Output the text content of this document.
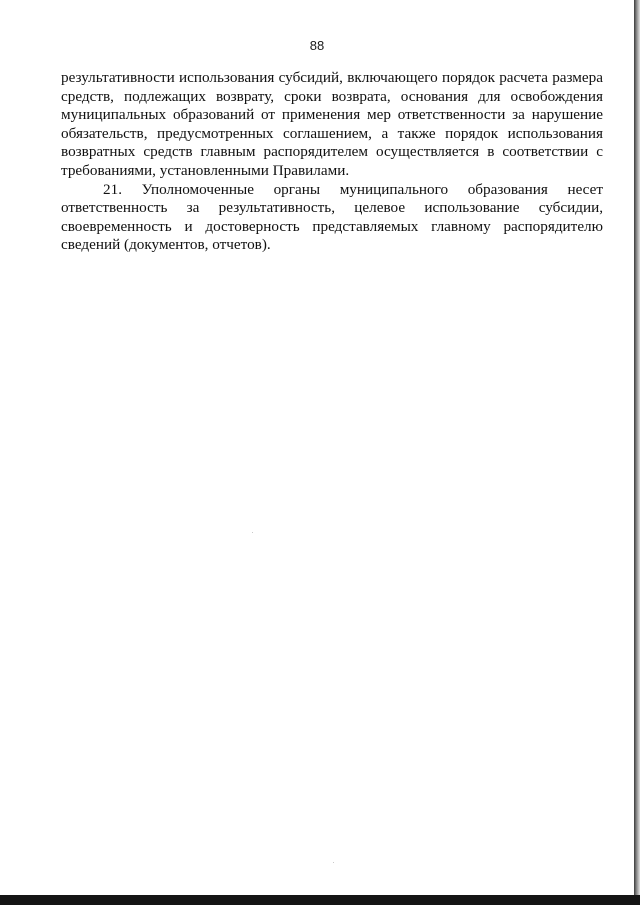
88

результативности использования субсидий, включающего порядок расчета размера средств, подлежащих возврату, сроки возврата, основания для освобождения муниципальных образований от применения мер ответственности за нарушение обязательств, предусмотренных соглашением, а также порядок использования возвратных средств главным распорядителем осуществляется в соответствии с требованиями, установленными Правилами.

21. Уполномоченные органы муниципального образования несет ответственность за результативность, целевое использование субсидии, своевременность и достоверность представляемых главному распорядителю сведений (документов, отчетов).
